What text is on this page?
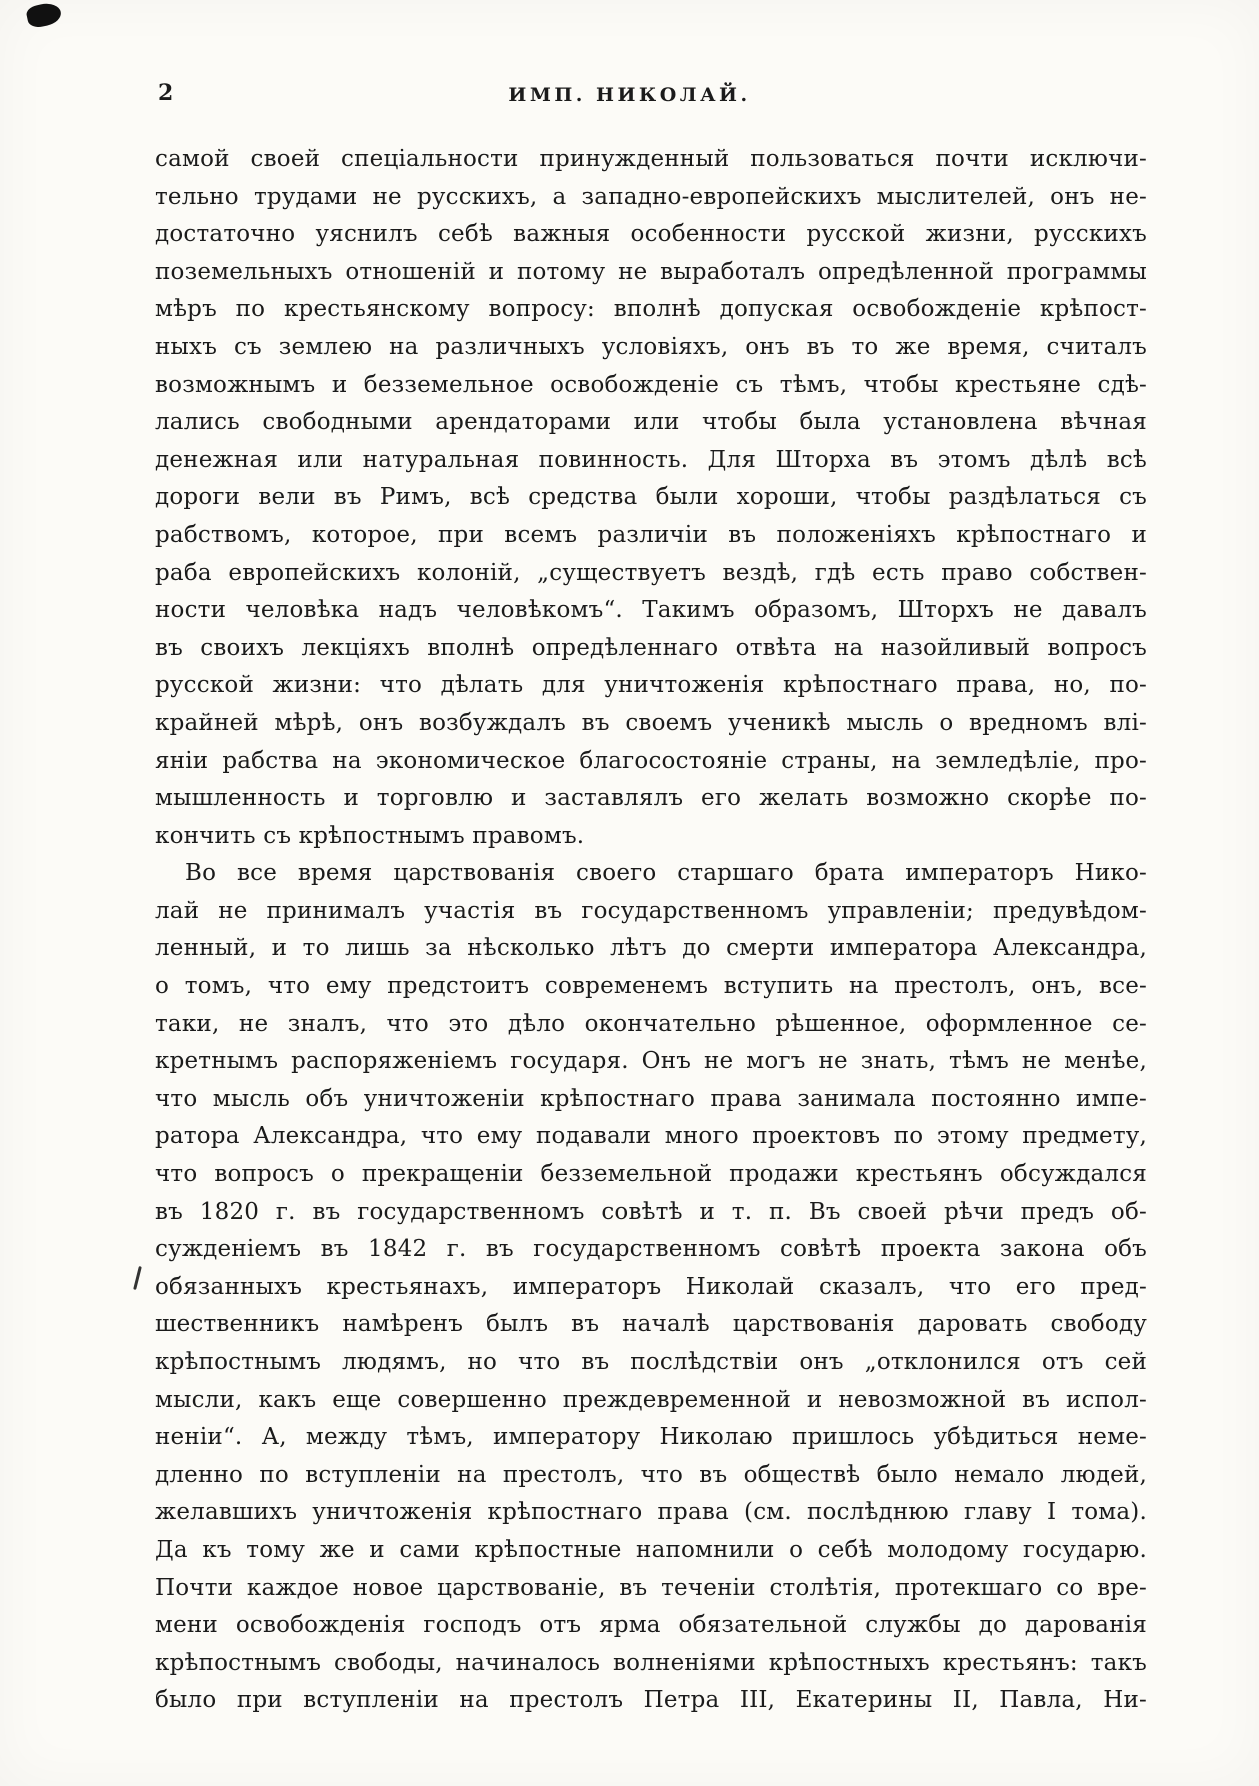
2	ИМП. НИКОЛАЙ.
самой своей спеціальности принужденный пользоваться почти исключи-
тельно трудами не русскихъ, а западно-европейскихъ мыслителей, онъ не-
достаточно уяснилъ себѣ важныя особенности русской жизни, русскихъ
поземельныхъ отношеній и потому не выработалъ опредѣленной программы
мѣръ по крестьянскому вопросу: вполнѣ допуская освобожденіе крѣпост-
ныхъ съ землею на различныхъ условіяхъ, онъ въ то же время, считалъ
возможнымъ и безземельное освобожденіе съ тѣмъ, чтобы крестьяне сдѣ-
лались свободными арендаторами или чтобы была установлена вѣчная
денежная или натуральная повинность. Для Шторха въ этомъ дѣлѣ всѣ
дороги вели въ Римъ, всѣ средства были хороши, чтобы раздѣлаться съ
рабствомъ, которое, при всемъ различіи въ положеніяхъ крѣпостнаго и
раба европейскихъ колоній, „существуетъ вездѣ, гдѣ есть право собствен-
ности человѣка надъ человѣкомъ“. Такимъ образомъ, Шторхъ не давалъ
въ своихъ лекціяхъ вполнѣ опредѣленнаго отвѣта на назойливый вопросъ
русской жизни: что дѣлать для уничтоженія крѣпостнаго права, но, по-
крайней мѣрѣ, онъ возбуждалъ въ своемъ ученикѣ мысль о вредномъ влі-
яніи рабства на экономическое благосостояніе страны, на земледѣліе, про-
мышленность и торговлю и заставлялъ его желать возможно скорѣе по-
кончить съ крѣпостнымъ правомъ.
Во все время царствованія своего старшаго брата императоръ Нико-
лай не принималъ участія въ государственномъ управленіи; предувѣдом-
ленный, и то лишь за нѣсколько лѣтъ до смерти императора Александра,
о томъ, что ему предстоитъ современемъ вступить на престолъ, онъ, все-
таки, не зналъ, что это дѣло окончательно рѣшенное, оформленное се-
кретнымъ распоряженіемъ государя. Онъ не могъ не знать, тѣмъ не менѣе,
что мысль объ уничтоженіи крѣпостнаго права занимала постоянно импе-
ратора Александра, что ему подавали много проектовъ по этому предмету,
что вопросъ о прекращеніи безземельной продажи крестьянъ обсуждался
въ 1820 г. въ государственномъ совѣтѣ и т. п. Въ своей рѣчи предъ об-
сужденіемъ въ 1842 г. въ государственномъ совѣтѣ проекта закона объ
обязанныхъ крестьянахъ, императоръ Николай сказалъ, что его пред-
шественникъ намѣренъ былъ въ началѣ царствованія даровать свободу
крѣпостнымъ людямъ, но что въ послѣдствіи онъ „отклонился отъ сей
мысли, какъ еще совершенно преждевременной и невозможной въ испол-
неніи“. А, между тѣмъ, императору Николаю пришлось убѣдиться неме-
дленно по вступленіи на престолъ, что въ обществѣ было немало людей,
желавшихъ уничтоженія крѣпостнаго права (см. послѣднюю главу I тома).
Да къ тому же и сами крѣпостные напомнили о себѣ молодому государю.
Почти каждое новое царствованіе, въ теченіи столѣтія, протекшаго со вре-
мени освобожденія господъ отъ ярма обязательной службы до дарованія
крѣпостнымъ свободы, начиналось волненіями крѣпостныхъ крестьянъ: такъ
было при вступленіи на престолъ Петра III, Екатерины II, Павла, Ни-
